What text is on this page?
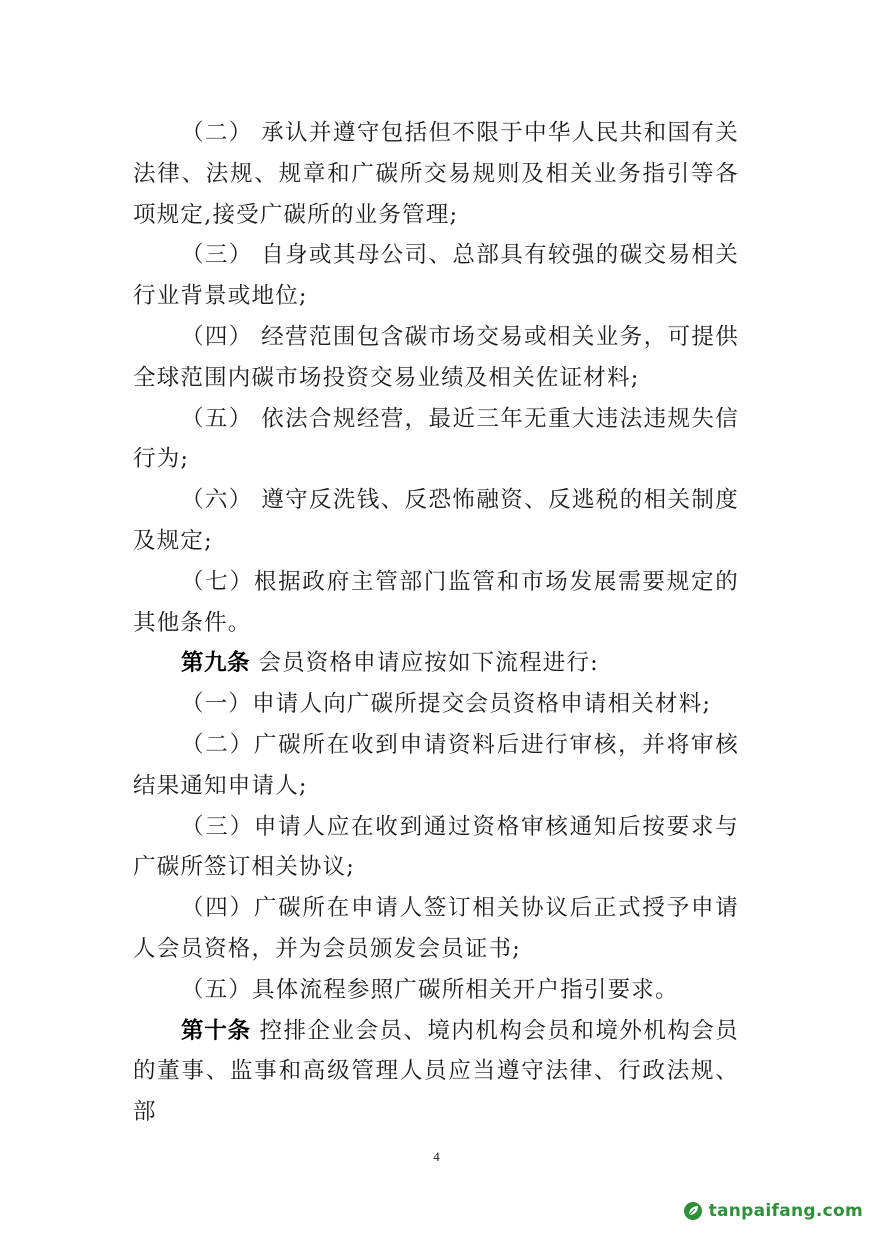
（二） 承认并遵守包括但不限于中华人民共和国有关法律、法规、规章和广碳所交易规则及相关业务指引等各项规定,接受广碳所的业务管理;

（三） 自身或其母公司、总部具有较强的碳交易相关行业背景或地位;

（四） 经营范围包含碳市场交易或相关业务，可提供全球范围内碳市场投资交易业绩及相关佐证材料;

（五） 依法合规经营，最近三年无重大违法违规失信行为;

（六） 遵守反洗钱、反恐怖融资、反逃税的相关制度及规定;

（七）根据政府主管部门监管和市场发展需要规定的其他条件。

第九条 会员资格申请应按如下流程进行:

（一）申请人向广碳所提交会员资格申请相关材料;

（二）广碳所在收到申请资料后进行审核，并将审核结果通知申请人;

（三）申请人应在收到通过资格审核通知后按要求与广碳所签订相关协议;

（四）广碳所在申请人签订相关协议后正式授予申请人会员资格，并为会员颁发会员证书;

（五）具体流程参照广碳所相关开户指引要求。

第十条 控排企业会员、境内机构会员和境外机构会员的董事、监事和高级管理人员应当遵守法律、行政法规、部

4
tanpaifang.com
